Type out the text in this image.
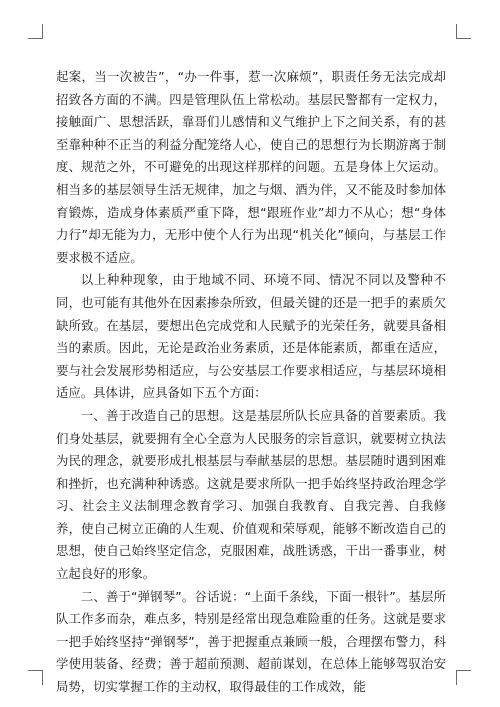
起案，当一次被告”，“办一件事，惹一次麻烦”，职责任务无法完成却招致各方面的不满。四是管理队伍上常松动。基层民警都有一定权力，接触面广、思想活跃，靠哥们儿感情和义气维护上下之间关系，有的甚至靠种种不正当的利益分配笼络人心，使自己的思想行为长期游离于制度、规范之外，不可避免的出现这样那样的问题。五是身体上欠运动。相当多的基层领导生活无规律，加之与烟、酒为伴，又不能及时参加体育锻炼，造成身体素质严重下降，想“跟班作业”却力不从心；想“身体力行”却无能为力，无形中使个人行为出现“机关化”倾向，与基层工作要求极不适应。

以上种种现象，由于地域不同、环境不同、情况不同以及警种不同，也可能有其他外在因素掺杂所致，但最关键的还是一把手的素质欠缺所致。在基层，要想出色完成党和人民赋予的光荣任务，就要具备相当的素质。因此，无论是政治业务素质，还是体能素质，都重在适应，要与社会发展形势相适应，与公安基层工作要求相适应，与基层环境相适应。具体讲，应具备如下五个方面：

一、善于改造自己的思想。这是基层所队长应具备的首要素质。我们身处基层，就要拥有全心全意为人民服务的宗旨意识，就要树立执法为民的理念，就要形成扎根基层与奉献基层的思想。基层随时遇到困难和挫折，也充满种种诱惑。这就是要求所队一把手始终坚持政治理念学习、社会主义法制理念教育学习、加强自我教育、自我完善、自我修养，使自己树立正确的人生观、价值观和荣辱观，能够不断改造自己的思想，使自己始终坚定信念，克服困难，战胜诱惑，干出一番事业，树立起良好的形象。

二、善于“弹钢琴”。谷话说：“上面千条线，下面一根针”。基层所队工作多而杂，难点多，特别是经常出现急难险重的任务。这就是要求一把手始终坚持“弹钢琴”，善于把握重点兼顾一般，合理摆布警力，科学使用装备、经费；善于超前预测、超前谋划，在总体上能够驾驭治安局势，切实掌握工作的主动权，取得最佳的工作成效，能
